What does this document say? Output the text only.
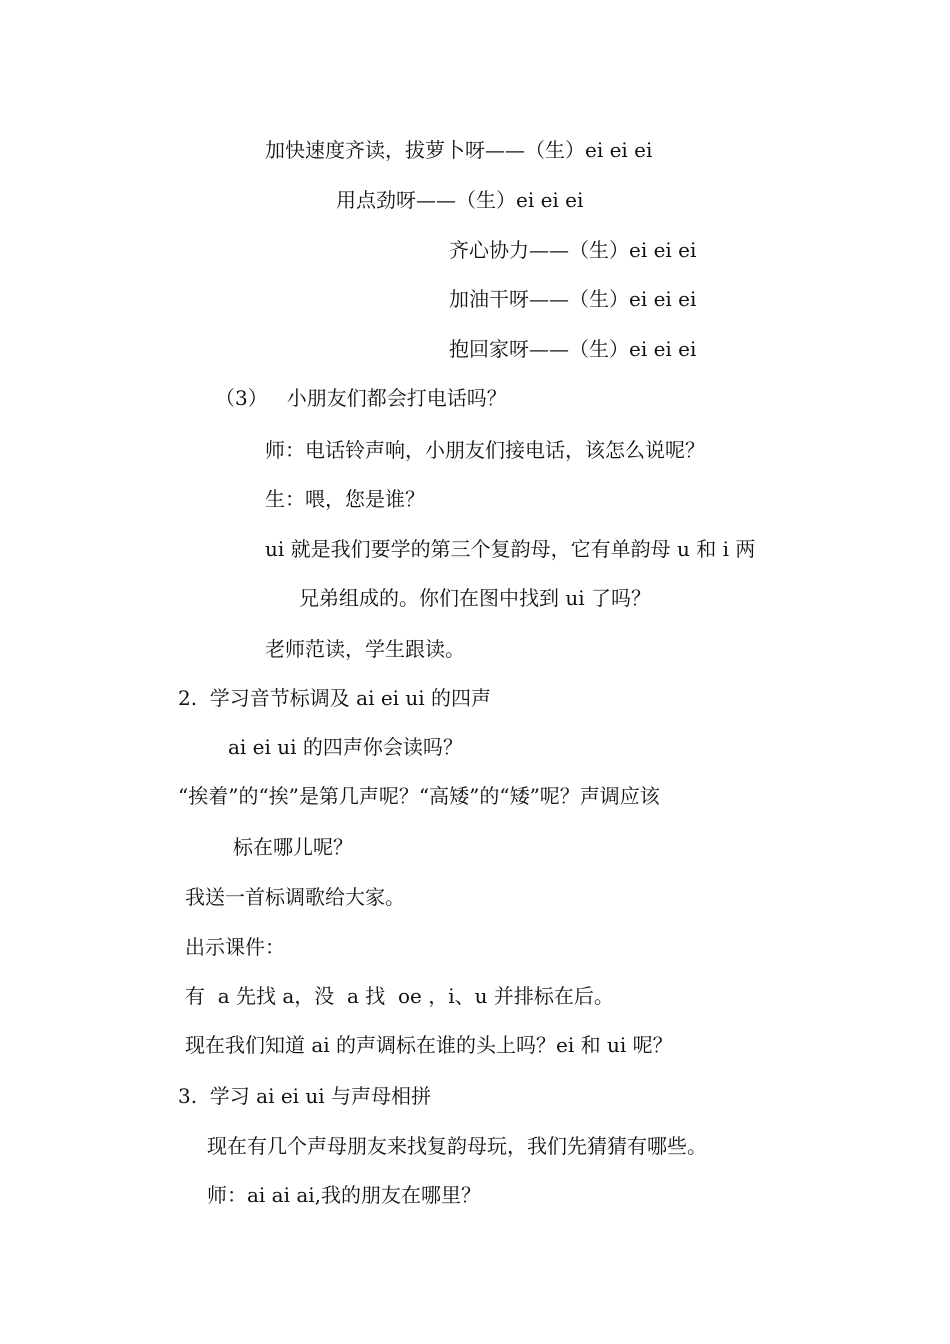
加快速度齐读，拔萝卜呀——（生）ei ei ei
用点劲呀——（生）ei ei ei
齐心协力——（生）ei ei ei
加油干呀——（生）ei ei ei
抱回家呀——（生）ei ei ei
（3）   小朋友们都会打电话吗？
师：电话铃声响，小朋友们接电话，该怎么说呢？
生：喂，您是谁？
ui 就是我们要学的第三个复韵母，它有单韵母 u 和 i 两
兄弟组成的。你们在图中找到 ui 了吗？
老师范读，学生跟读。
2.  学习音节标调及 ai ei ui 的四声
ai ei ui 的四声你会读吗？
“挨着”的“挨”是第几声呢？“高矮”的“矮”呢？声调应该
标在哪儿呢？
我送一首标调歌给大家。
出示课件：
有  a 先找 a，没  a 找  oe ，i、u 并排标在后。
现在我们知道 ai 的声调标在谁的头上吗？ei 和 ui 呢？
3.  学习 ai ei ui 与声母相拼
现在有几个声母朋友来找复韵母玩，我们先猜猜有哪些。
师：ai ai ai,我的朋友在哪里？
